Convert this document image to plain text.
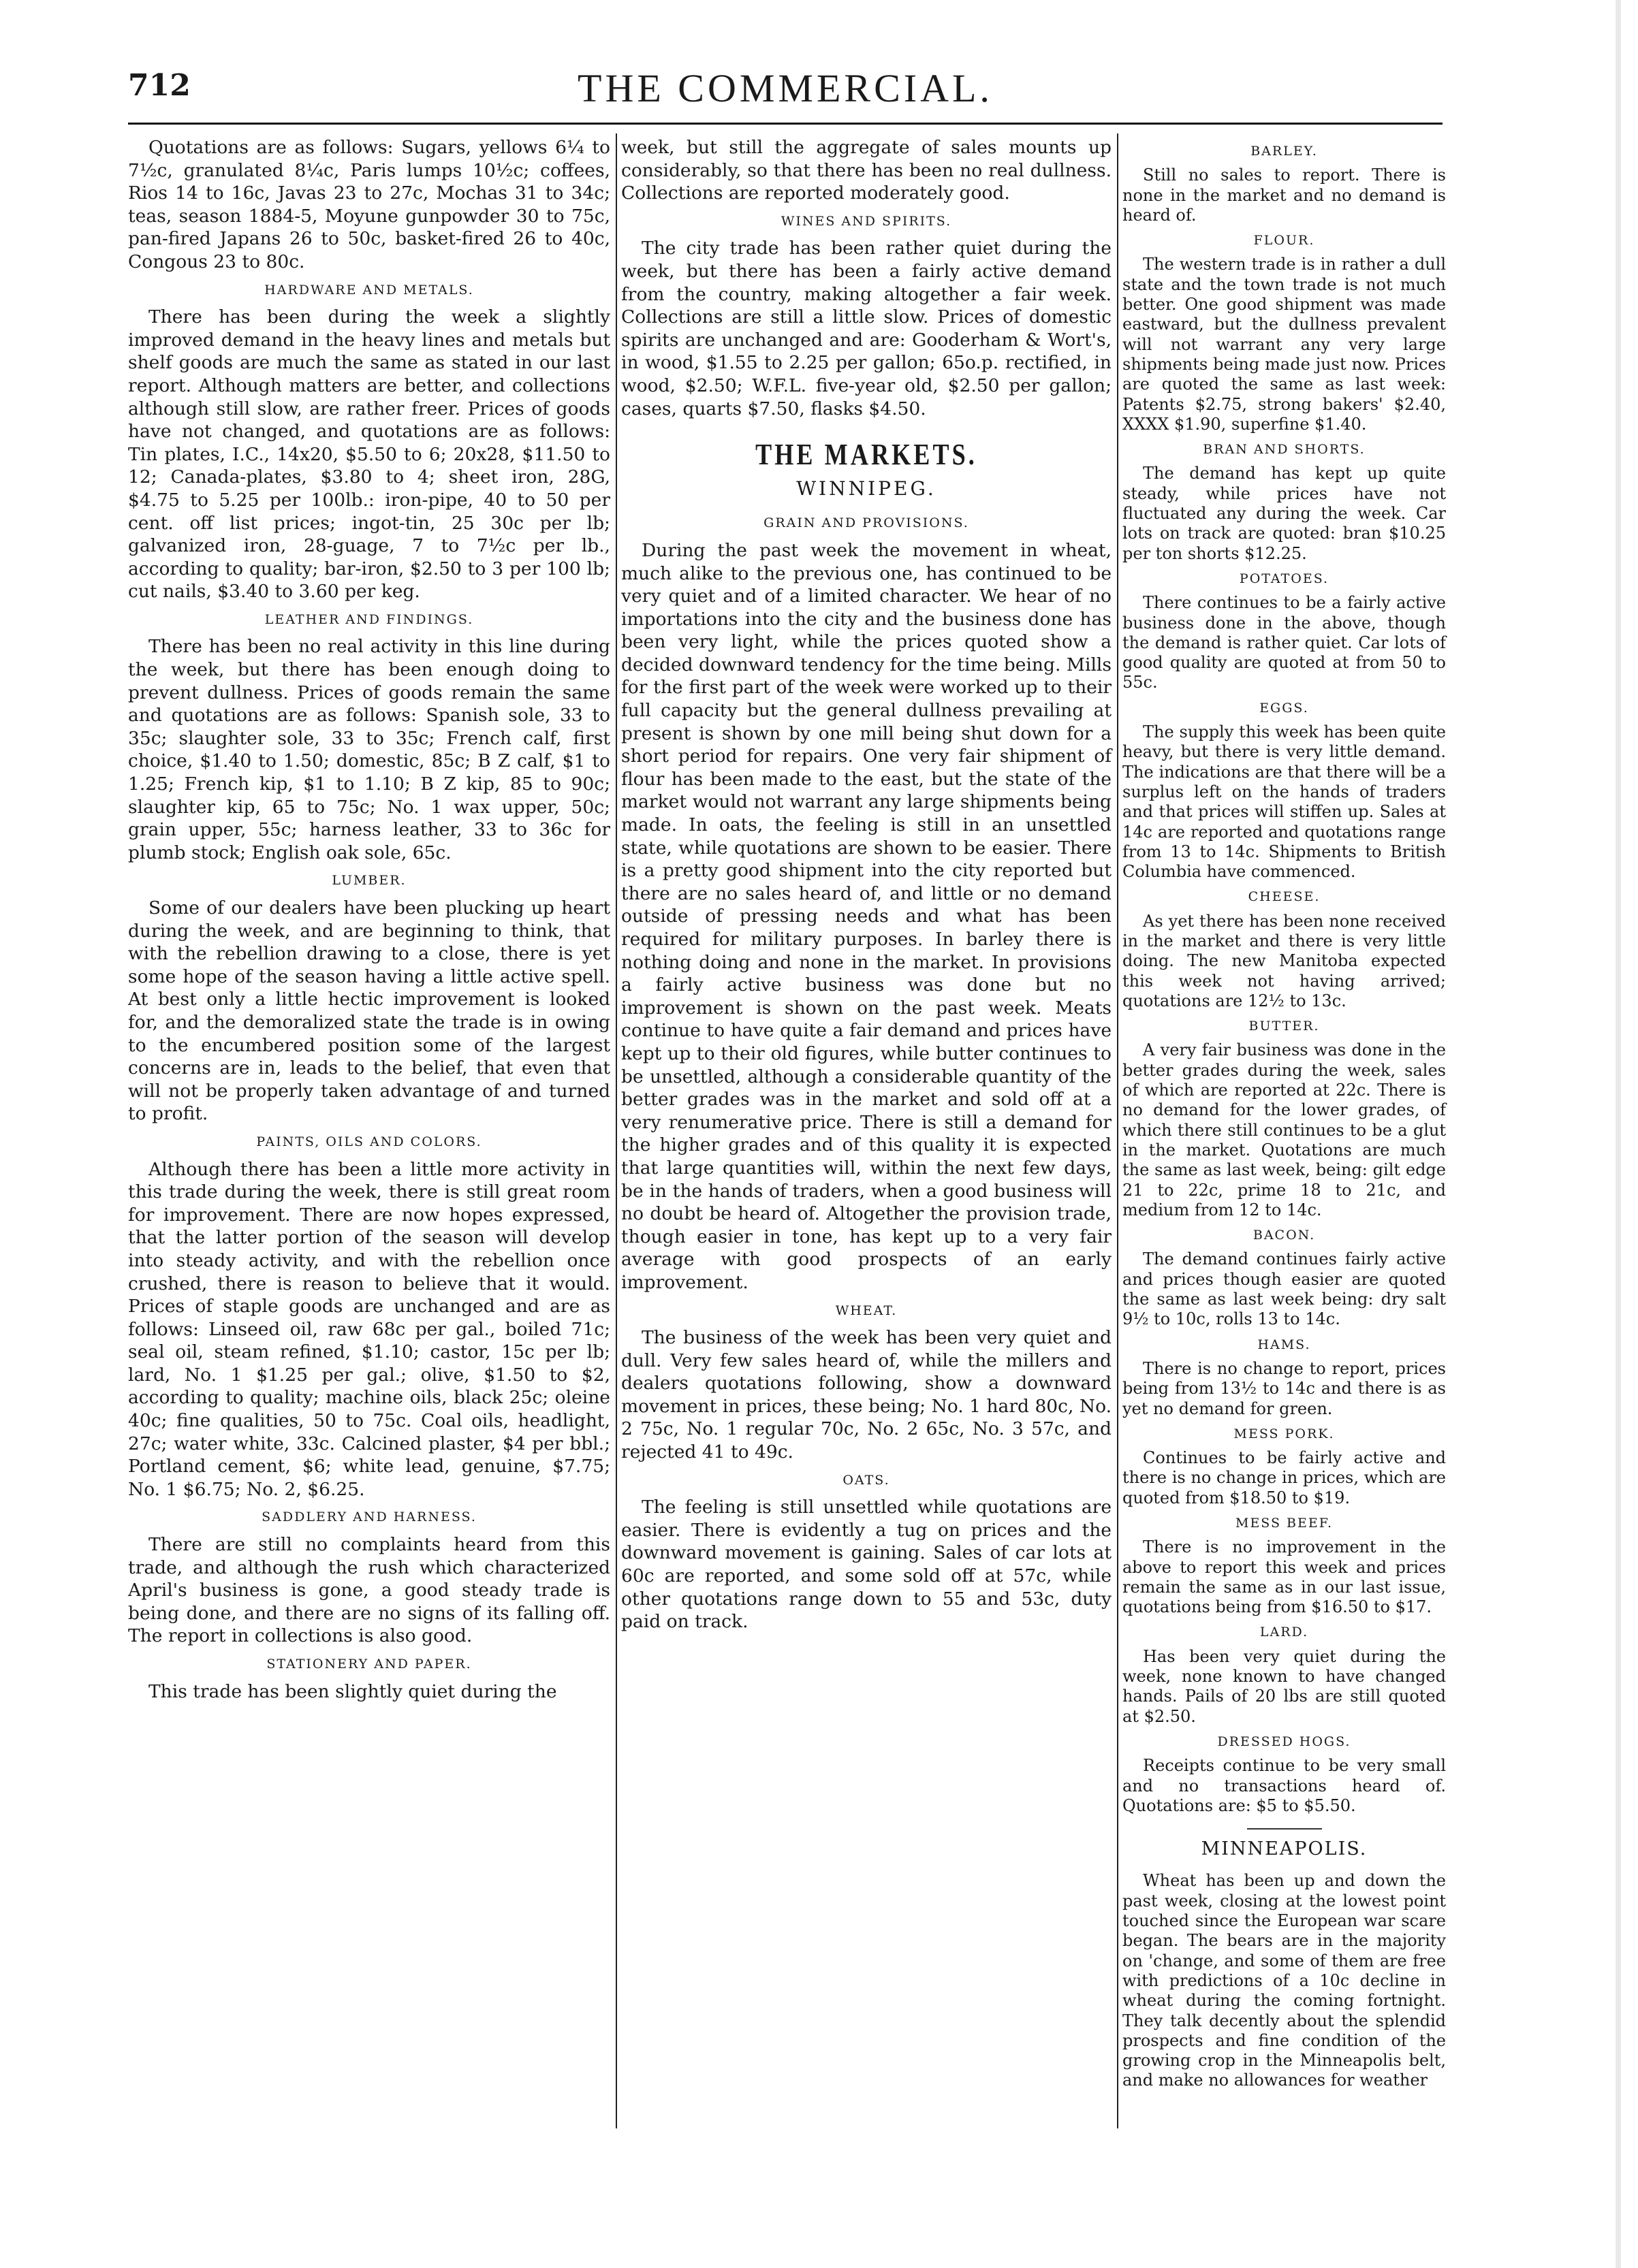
712	THE COMMERCIAL.

Quotations are as follows: Sugars, yellows 6¼ to 7½c, granulated 8¼c, Paris lumps 10½c; coffees, Rios 14 to 16c, Javas 23 to 27c, Mochas 31 to 34c; teas, season 1884-5, Moyune gunpowder 30 to 75c, pan-fired Japans 26 to 50c, basket-fired 26 to 40c, Congous 23 to 80c.

HARDWARE AND METALS.

There has been during the week a slightly improved demand in the heavy lines and metals but shelf goods are much the same as stated in our last report. Although matters are better, and collections although still slow, are rather freer. Prices of goods have not changed, and quotations are as follows: Tin plates, I.C., 14x20, $5.50 to 6; 20x28, $11.50 to 12; Canada-plates, $3.80 to 4; sheet iron, 28G, $4.75 to 5.25 per 100lb.: iron-pipe, 40 to 50 per cent. off list prices; ingot-tin, 25 30c per lb; galvanized iron, 28-guage, 7 to 7½c per lb., according to quality; bar-iron, $2.50 to 3 per 100 lb; cut nails, $3.40 to 3.60 per keg.

LEATHER AND FINDINGS.

There has been no real activity in this line during the week, but there has been enough doing to prevent dullness. Prices of goods remain the same and quotations are as follows: Spanish sole, 33 to 35c; slaughter sole, 33 to 35c; French calf, first choice, $1.40 to 1.50; domestic, 85c; B Z calf, $1 to 1.25; French kip, $1 to 1.10; B Z kip, 85 to 90c; slaughter kip, 65 to 75c; No. 1 wax upper, 50c; grain upper, 55c; harness leather, 33 to 36c for plumb stock; English oak sole, 65c.

LUMBER.

Some of our dealers have been plucking up heart during the week, and are beginning to think, that with the rebellion drawing to a close, there is yet some hope of the season having a little active spell. At best only a little hectic improvement is looked for, and the demoralized state the trade is in owing to the encumbered position some of the largest concerns are in, leads to the belief, that even that will not be properly taken advantage of and turned to profit.

PAINTS, OILS AND COLORS.

Although there has been a little more activity in this trade during the week, there is still great room for improvement. There are now hopes expressed, that the latter portion of the season will develop into steady activity, and with the rebellion once crushed, there is reason to believe that it would. Prices of staple goods are unchanged and are as follows: Linseed oil, raw 68c per gal., boiled 71c; seal oil, steam refined, $1.10; castor, 15c per lb; lard, No. 1 $1.25 per gal.; olive, $1.50 to $2, according to quality; machine oils, black 25c; oleine 40c; fine qualities, 50 to 75c. Coal oils, headlight, 27c; water white, 33c. Calcined plaster, $4 per bbl.; Portland cement, $6; white lead, genuine, $7.75; No. 1 $6.75; No. 2, $6.25.

SADDLERY AND HARNESS.

There are still no complaints heard from this trade, and although the rush which characterized April's business is gone, a good steady trade is being done, and there are no signs of its falling off. The report in collections is also good.

STATIONERY AND PAPER.

This trade has been slightly quiet during the

week, but still the aggregate of sales mounts up considerably, so that there has been no real dullness. Collections are reported moderately good.

WINES AND SPIRITS.

The city trade has been rather quiet during the week, but there has been a fairly active demand from the country, making altogether a fair week. Collections are still a little slow. Prices of domestic spirits are unchanged and are: Gooderham & Wort's, in wood, $1.55 to 2.25 per gallon; 65o.p. rectified, in wood, $2.50; W.F.L. five-year old, $2.50 per gallon; cases, quarts $7.50, flasks $4.50.

THE MARKETS.
WINNIPEG.
GRAIN AND PROVISIONS.

During the past week the movement in wheat, much alike to the previous one, has continued to be very quiet and of a limited character. We hear of no importations into the city and the business done has been very light, while the prices quoted show a decided downward tendency for the time being. Mills for the first part of the week were worked up to their full capacity but the general dullness prevailing at present is shown by one mill being shut down for a short period for repairs. One very fair shipment of flour has been made to the east, but the state of the market would not warrant any large shipments being made. In oats, the feeling is still in an unsettled state, while quotations are shown to be easier. There is a pretty good shipment into the city reported but there are no sales heard of, and little or no demand outside of pressing needs and what has been required for military purposes. In barley there is nothing doing and none in the market. In provisions a fairly active business was done but no improvement is shown on the past week. Meats continue to have quite a fair demand and prices have kept up to their old figures, while butter continues to be unsettled, although a considerable quantity of the better grades was in the market and sold off at a very renumerative price. There is still a demand for the higher grades and of this quality it is expected that large quantities will, within the next few days, be in the hands of traders, when a good business will no doubt be heard of. Altogether the provision trade, though easier in tone, has kept up to a very fair average with good prospects of an early improvement.

WHEAT.

The business of the week has been very quiet and dull. Very few sales heard of, while the millers and dealers quotations following, show a downward movement in prices, these being; No. 1 hard 80c, No. 2 75c, No. 1 regular 70c, No. 2 65c, No. 3 57c, and rejected 41 to 49c.

OATS.

The feeling is still unsettled while quotations are easier. There is evidently a tug on prices and the downward movement is gaining. Sales of car lots at 60c are reported, and some sold off at 57c, while other quotations range down to 55 and 53c, duty paid on track.

BARLEY.

Still no sales to report. There is none in the market and no demand is heard of.

FLOUR.

The western trade is in rather a dull state and the town trade is not much better. One good shipment was made eastward, but the dullness prevalent will not warrant any very large shipments being made just now. Prices are quoted the same as last week: Patents $2.75, strong bakers' $2.40, XXXX $1.90, superfine $1.40.

BRAN AND SHORTS.

The demand has kept up quite steady, while prices have not fluctuated any during the week. Car lots on track are quoted: bran $10.25 per ton shorts $12.25.

POTATOES.

There continues to be a fairly active business done in the above, though the demand is rather quiet. Car lots of good quality are quoted at from 50 to 55c.

EGGS.

The supply this week has been quite heavy, but there is very little demand. The indications are that there will be a surplus left on the hands of traders and that prices will stiffen up. Sales at 14c are reported and quotations range from 13 to 14c. Shipments to British Columbia have commenced.

CHEESE.

As yet there has been none received in the market and there is very little doing. The new Manitoba expected this week not having arrived; quotations are 12½ to 13c.

BUTTER.

A very fair business was done in the better grades during the week, sales of which are reported at 22c. There is no demand for the lower grades, of which there still continues to be a glut in the market. Quotations are much the same as last week, being: gilt edge 21 to 22c, prime 18 to 21c, and medium from 12 to 14c.

BACON.

The demand continues fairly active and prices though easier are quoted the same as last week being: dry salt 9½ to 10c, rolls 13 to 14c.

HAMS.

There is no change to report, prices being from 13½ to 14c and there is as yet no demand for green.

MESS PORK.

Continues to be fairly active and there is no change in prices, which are quoted from $18.50 to $19.

MESS BEEF.

There is no improvement in the above to report this week and prices remain the same as in our last issue, quotations being from $16.50 to $17.

LARD.

Has been very quiet during the week, none known to have changed hands. Pails of 20 lbs are still quoted at $2.50.

DRESSED HOGS.

Receipts continue to be very small and no transactions heard of. Quotations are: $5 to $5.50.

MINNEAPOLIS.

Wheat has been up and down the past week, closing at the lowest point touched since the European war scare began. The bears are in the majority on 'change, and some of them are free with predictions of a 10c decline in wheat during the coming fortnight. They talk decently about the splendid prospects and fine condition of the growing crop in the Minneapolis belt, and make no allowances for weather
